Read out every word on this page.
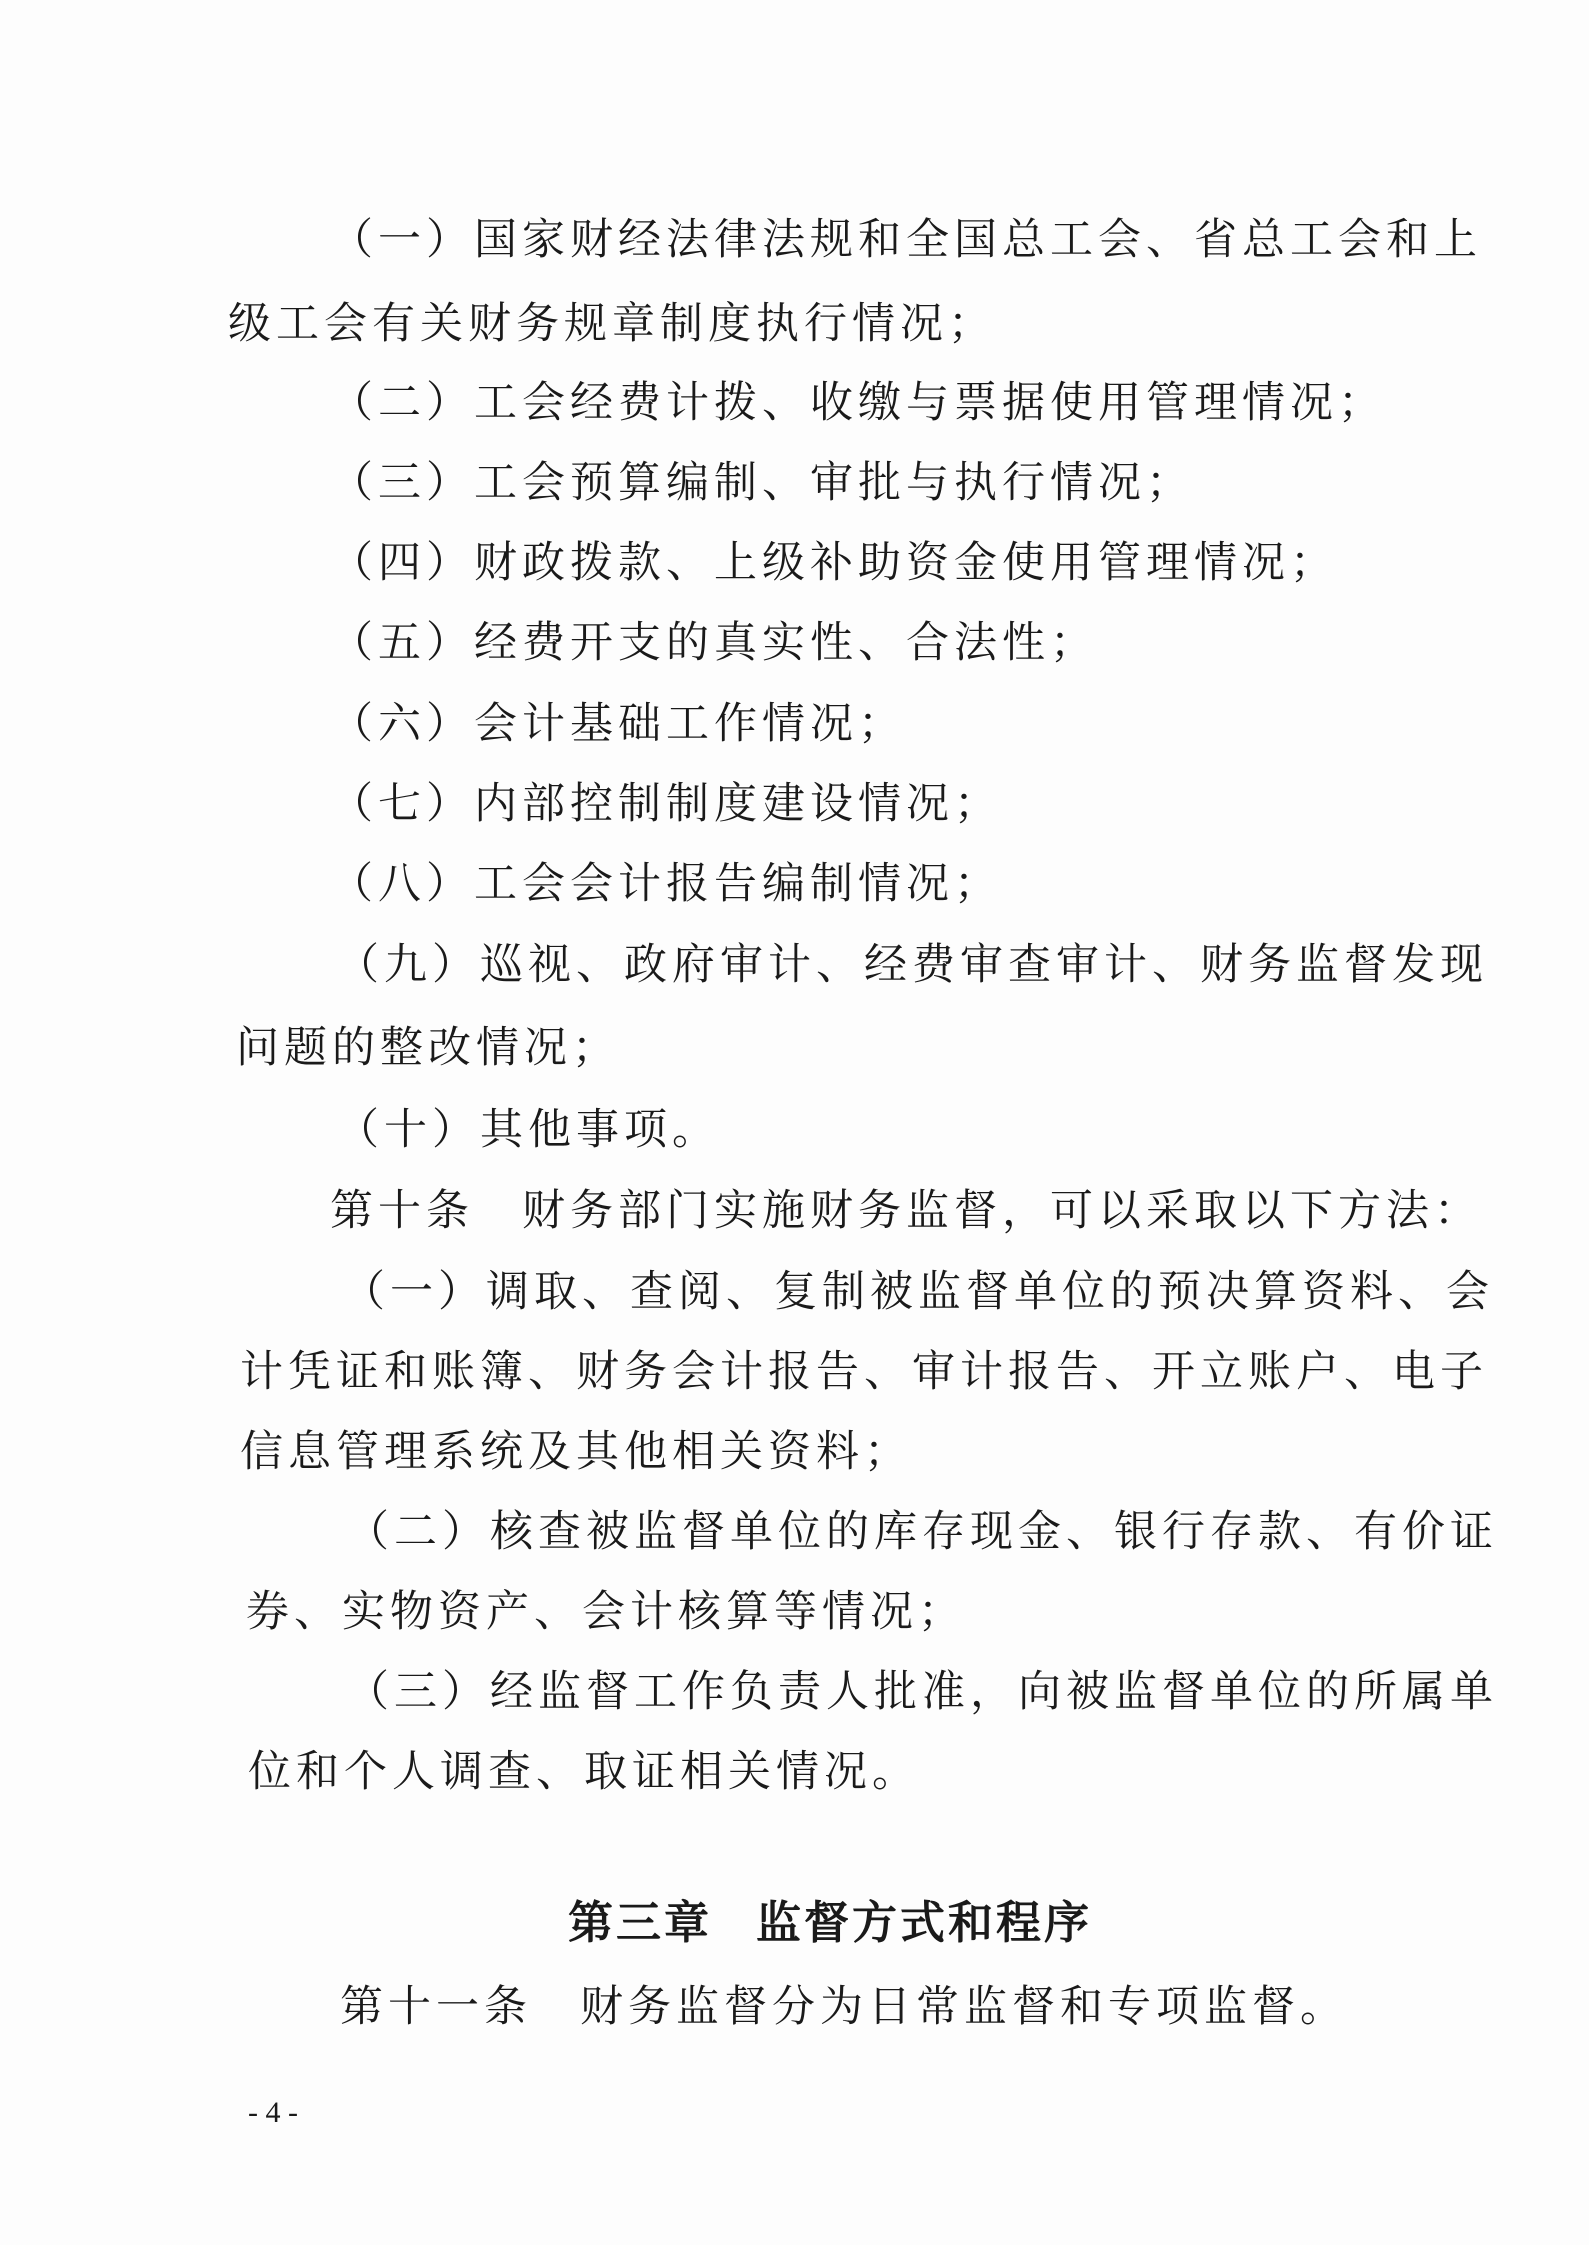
（一）国家财经法律法规和全国总工会、省总工会和上
级工会有关财务规章制度执行情况；
（二）工会经费计拨、收缴与票据使用管理情况；
（三）工会预算编制、审批与执行情况；
（四）财政拨款、上级补助资金使用管理情况；
（五）经费开支的真实性、合法性；
（六）会计基础工作情况；
（七）内部控制制度建设情况；
（八）工会会计报告编制情况；
（九）巡视、政府审计、经费审查审计、财务监督发现
问题的整改情况；
（十）其他事项。
第十条　财务部门实施财务监督，可以采取以下方法：
（一）调取、查阅、复制被监督单位的预决算资料、会
计凭证和账簿、财务会计报告、审计报告、开立账户、电子
信息管理系统及其他相关资料；
（二）核查被监督单位的库存现金、银行存款、有价证
券、实物资产、会计核算等情况；
（三）经监督工作负责人批准，向被监督单位的所属单
位和个人调查、取证相关情况。
第三章 监督方式和程序
第十一条　财务监督分为日常监督和专项监督。
- 4 -
